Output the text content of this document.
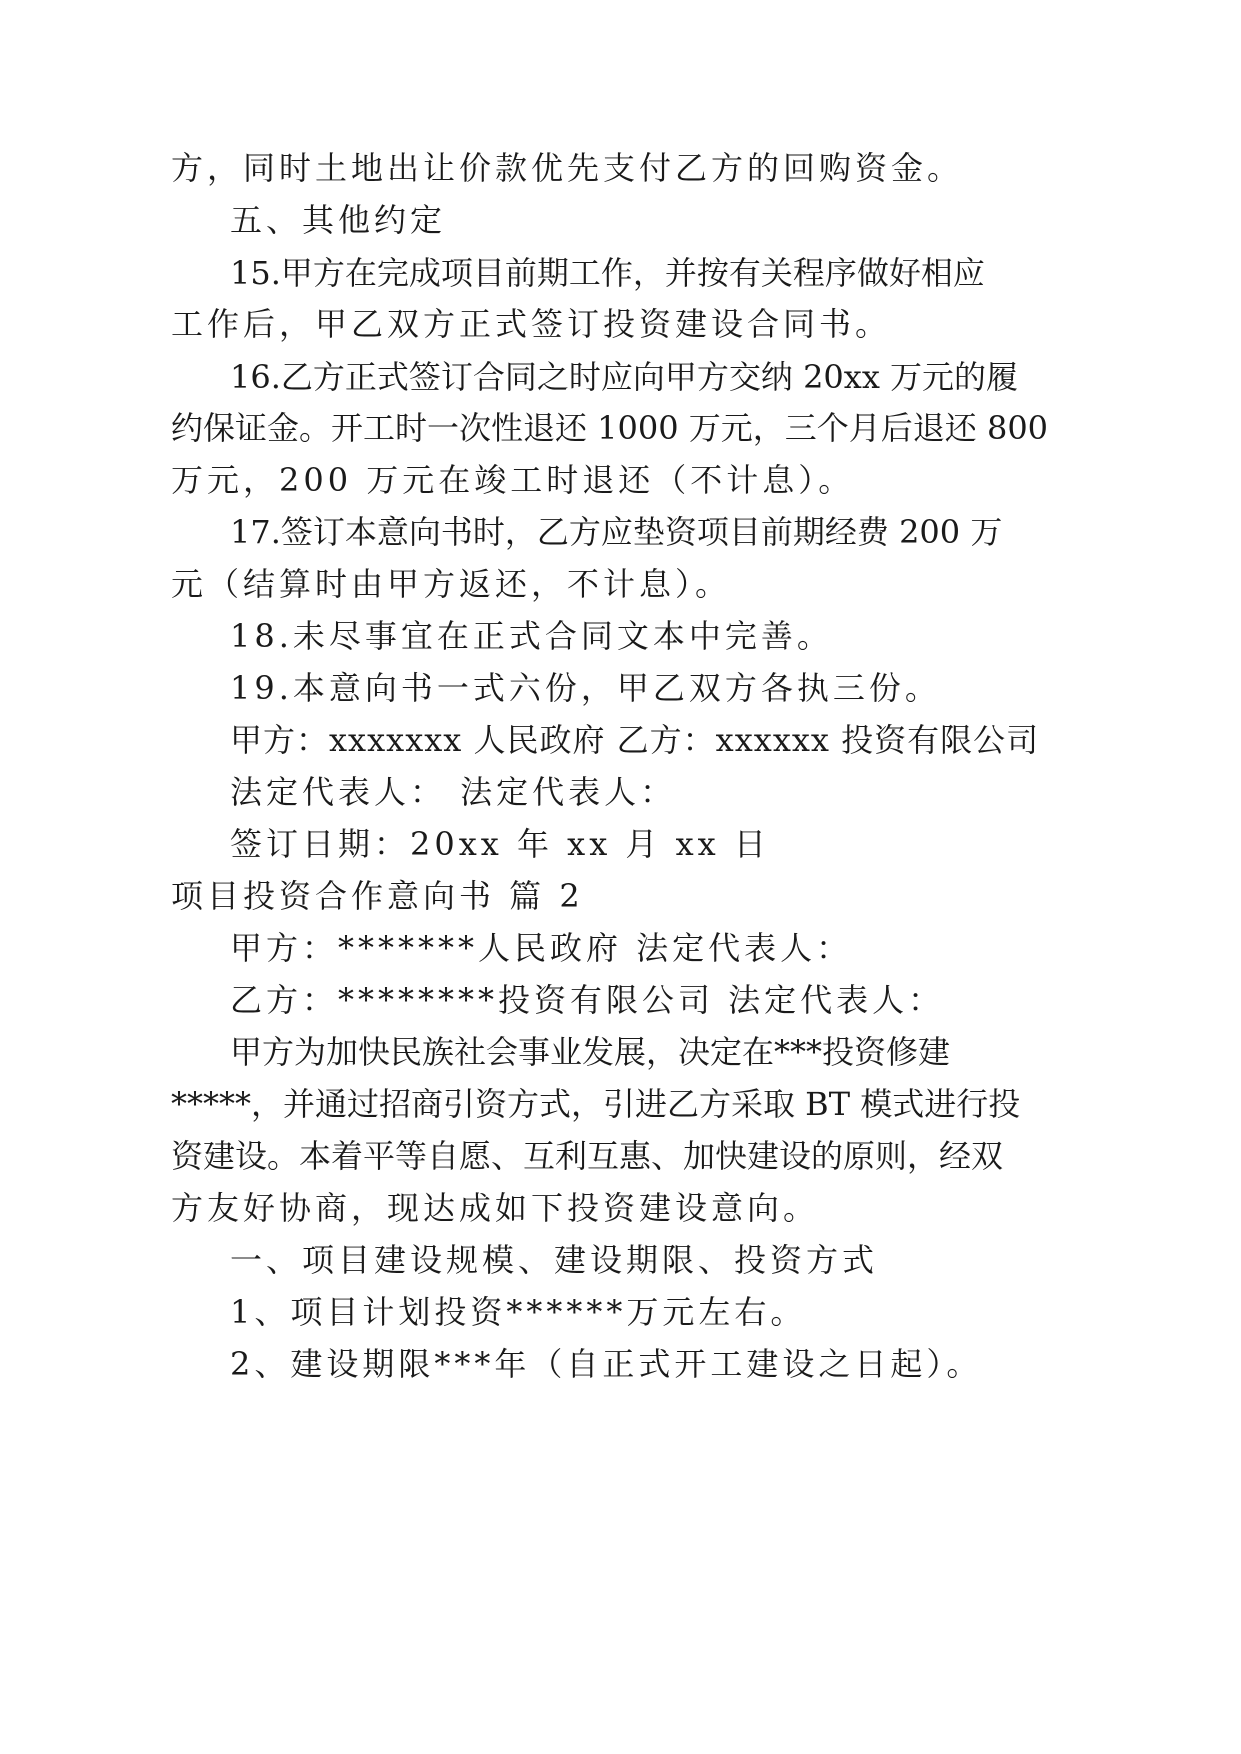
方，同时土地出让价款优先支付乙方的回购资金。
五、其他约定
15.甲方在完成项目前期工作，并按有关程序做好相应
工作后，甲乙双方正式签订投资建设合同书。
16.乙方正式签订合同之时应向甲方交纳 20xx 万元的履
约保证金。开工时一次性退还 1000 万元，三个月后退还 800
万元，200 万元在竣工时退还（不计息）。
17.签订本意向书时，乙方应垫资项目前期经费 200 万
元（结算时由甲方返还，不计息）。
18.未尽事宜在正式合同文本中完善。
19.本意向书一式六份，甲乙双方各执三份。
甲方：xxxxxxx 人民政府 乙方：xxxxxx 投资有限公司
法定代表人： 法定代表人：
签订日期：20xx 年 xx 月 xx 日
项目投资合作意向书 篇 2
甲方：*******人民政府 法定代表人：
乙方：********投资有限公司 法定代表人：
甲方为加快民族社会事业发展，决定在***投资修建
*****，并通过招商引资方式，引进乙方采取 BT 模式进行投
资建设。本着平等自愿、互利互惠、加快建设的原则，经双
方友好协商，现达成如下投资建设意向。
一、项目建设规模、建设期限、投资方式
1、项目计划投资******万元左右。
2、建设期限***年（自正式开工建设之日起）。
